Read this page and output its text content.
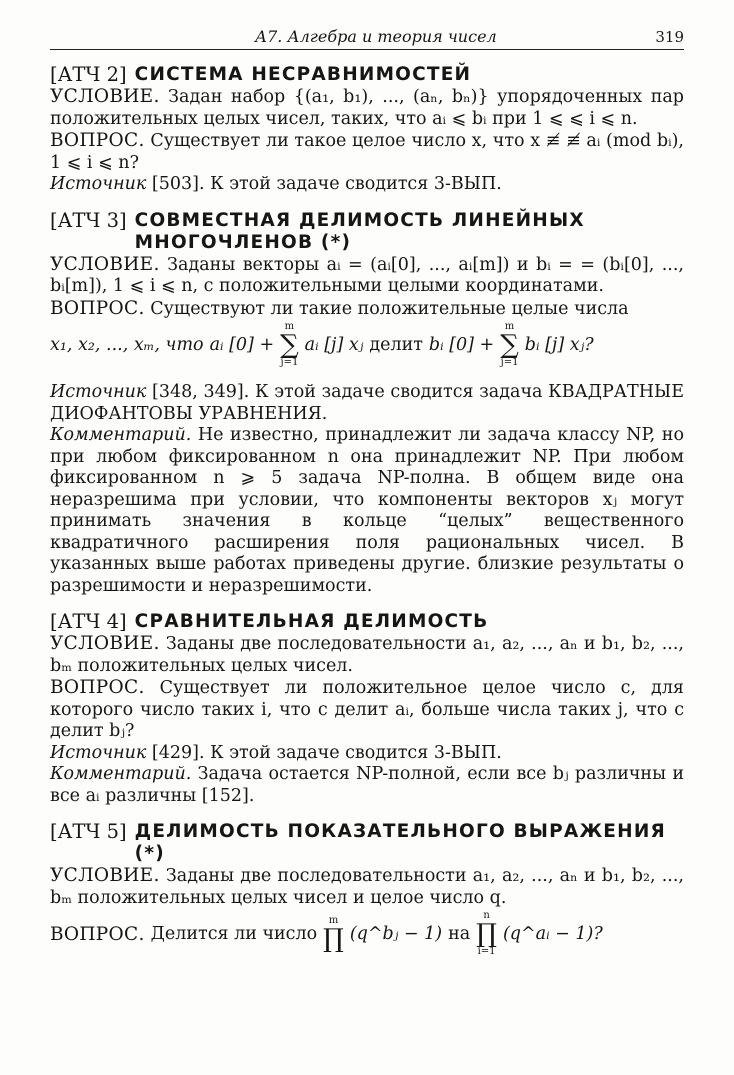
А7. Алгебра и теория чисел	319
[АТЧ 2] СИСТЕМА НЕСРАВНИМОСТЕЙ
УСЛОВИЕ. Задан набор {(a₁, b₁), ..., (aₙ, bₙ)} упорядоченных пар положительных целых чисел, таких, что aᵢ ⩽ bᵢ при 1 ⩽ ⩽ i ⩽ n.
ВОПРОС. Существует ли такое целое число x, что x ≢ ≢ aᵢ (mod bᵢ), 1 ⩽ i ⩽ n?
Источник [503]. К этой задаче сводится 3-ВЫП.
[АТЧ 3] СОВМЕСТНАЯ ДЕЛИМОСТЬ ЛИНЕЙНЫХ МНОГОЧЛЕНОВ (*)
УСЛОВИЕ. Заданы векторы aᵢ = (aᵢ[0], ..., aᵢ[m]) и bᵢ = = (bᵢ[0], ..., bᵢ[m]), 1 ⩽ i ⩽ n, с положительными целыми координатами.
ВОПРОС. Существуют ли такие положительные целые числа
x₁, x₂, ..., xₘ, что aᵢ [0] +
m
∑
j=1
aᵢ [j] xⱼ делит bᵢ [0] +
m
∑
j=1
bᵢ [j] xⱼ?
Источник [348, 349]. К этой задаче сводится задача КВАДРАТНЫЕ ДИОФАНТОВЫ УРАВНЕНИЯ.
Комментарий. Не известно, принадлежит ли задача классу NP, но при любом фиксированном n она принадлежит NP. При любом фиксированном n ⩾ 5 задача NP-полна. В общем виде она неразрешима при условии, что компоненты векторов xⱼ могут принимать значения в кольце “целых” вещественного квадратичного расширения поля рациональных чисел. В указанных выше работах приведены другие. близкие результаты о разрешимости и неразрешимости.
[АТЧ 4] СРАВНИТЕЛЬНАЯ ДЕЛИМОСТЬ
УСЛОВИЕ. Заданы две последовательности a₁, a₂, ..., aₙ и b₁, b₂, ..., bₘ положительных целых чисел.
ВОПРОС. Существует ли положительное целое число c, для которого число таких i, что c делит aᵢ, больше числа таких j, что c делит bⱼ?
Источник [429]. К этой задаче сводится 3-ВЫП.
Комментарий. Задача остается NP-полной, если все bⱼ различны и все aᵢ различны [152].
[АТЧ 5] ДЕЛИМОСТЬ ПОКАЗАТЕЛЬНОГО ВЫРАЖЕНИЯ (*)
УСЛОВИЕ. Заданы две последовательности a₁, a₂, ..., aₙ и b₁, b₂, ..., bₘ положительных целых чисел и целое число q.
ВОПРОС. Делится ли число
m
∏ (q^bⱼ − 1) на
n
∏
i=1
(q^aᵢ − 1)?
